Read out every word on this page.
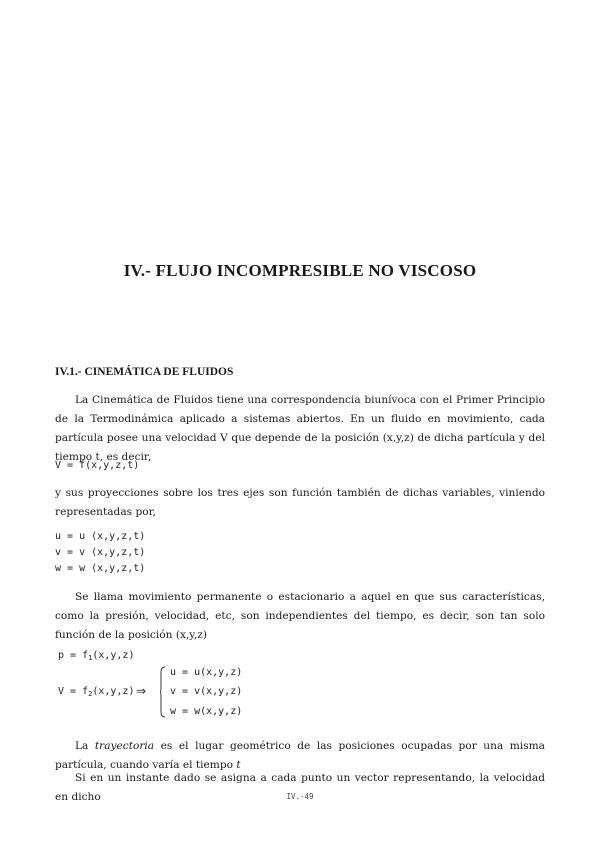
IV.- FLUJO INCOMPRESIBLE NO VISCOSO
IV.1.- CINEMÁTICA DE FLUIDOS
La Cinemática de Fluidos tiene una correspondencia biunívoca con el Primer Principio de la Termodinámica aplicado a sistemas abiertos. En un fluido en movimiento, cada partícula posee una velocidad V que depende de la posición (x,y,z) de dicha partícula y del tiempo t, es decir,
V = f(x,y,z,t)
y sus proyecciones sobre los tres ejes son función también de dichas variables, viniendo representadas por,
u = u (x,y,z,t)
v = v (x,y,z,t)
w = w (x,y,z,t)
Se llama movimiento permanente o estacionario a aquel en que sus características, como la presión, velocidad, etc, son independientes del tiempo, es decir, son tan solo función de la posición (x,y,z)
$p = f_1(x,y,z)$
$V = f_2(x,y,z)$ ⇒
u = u(x,y,z)
v = v(x,y,z)
w = w(x,y,z)
La trayectoria es el lugar geométrico de las posiciones ocupadas por una misma partícula, cuando varía el tiempo t
Si en un instante dado se asigna a cada punto un vector representando, la velocidad en dicho	IV.-49
